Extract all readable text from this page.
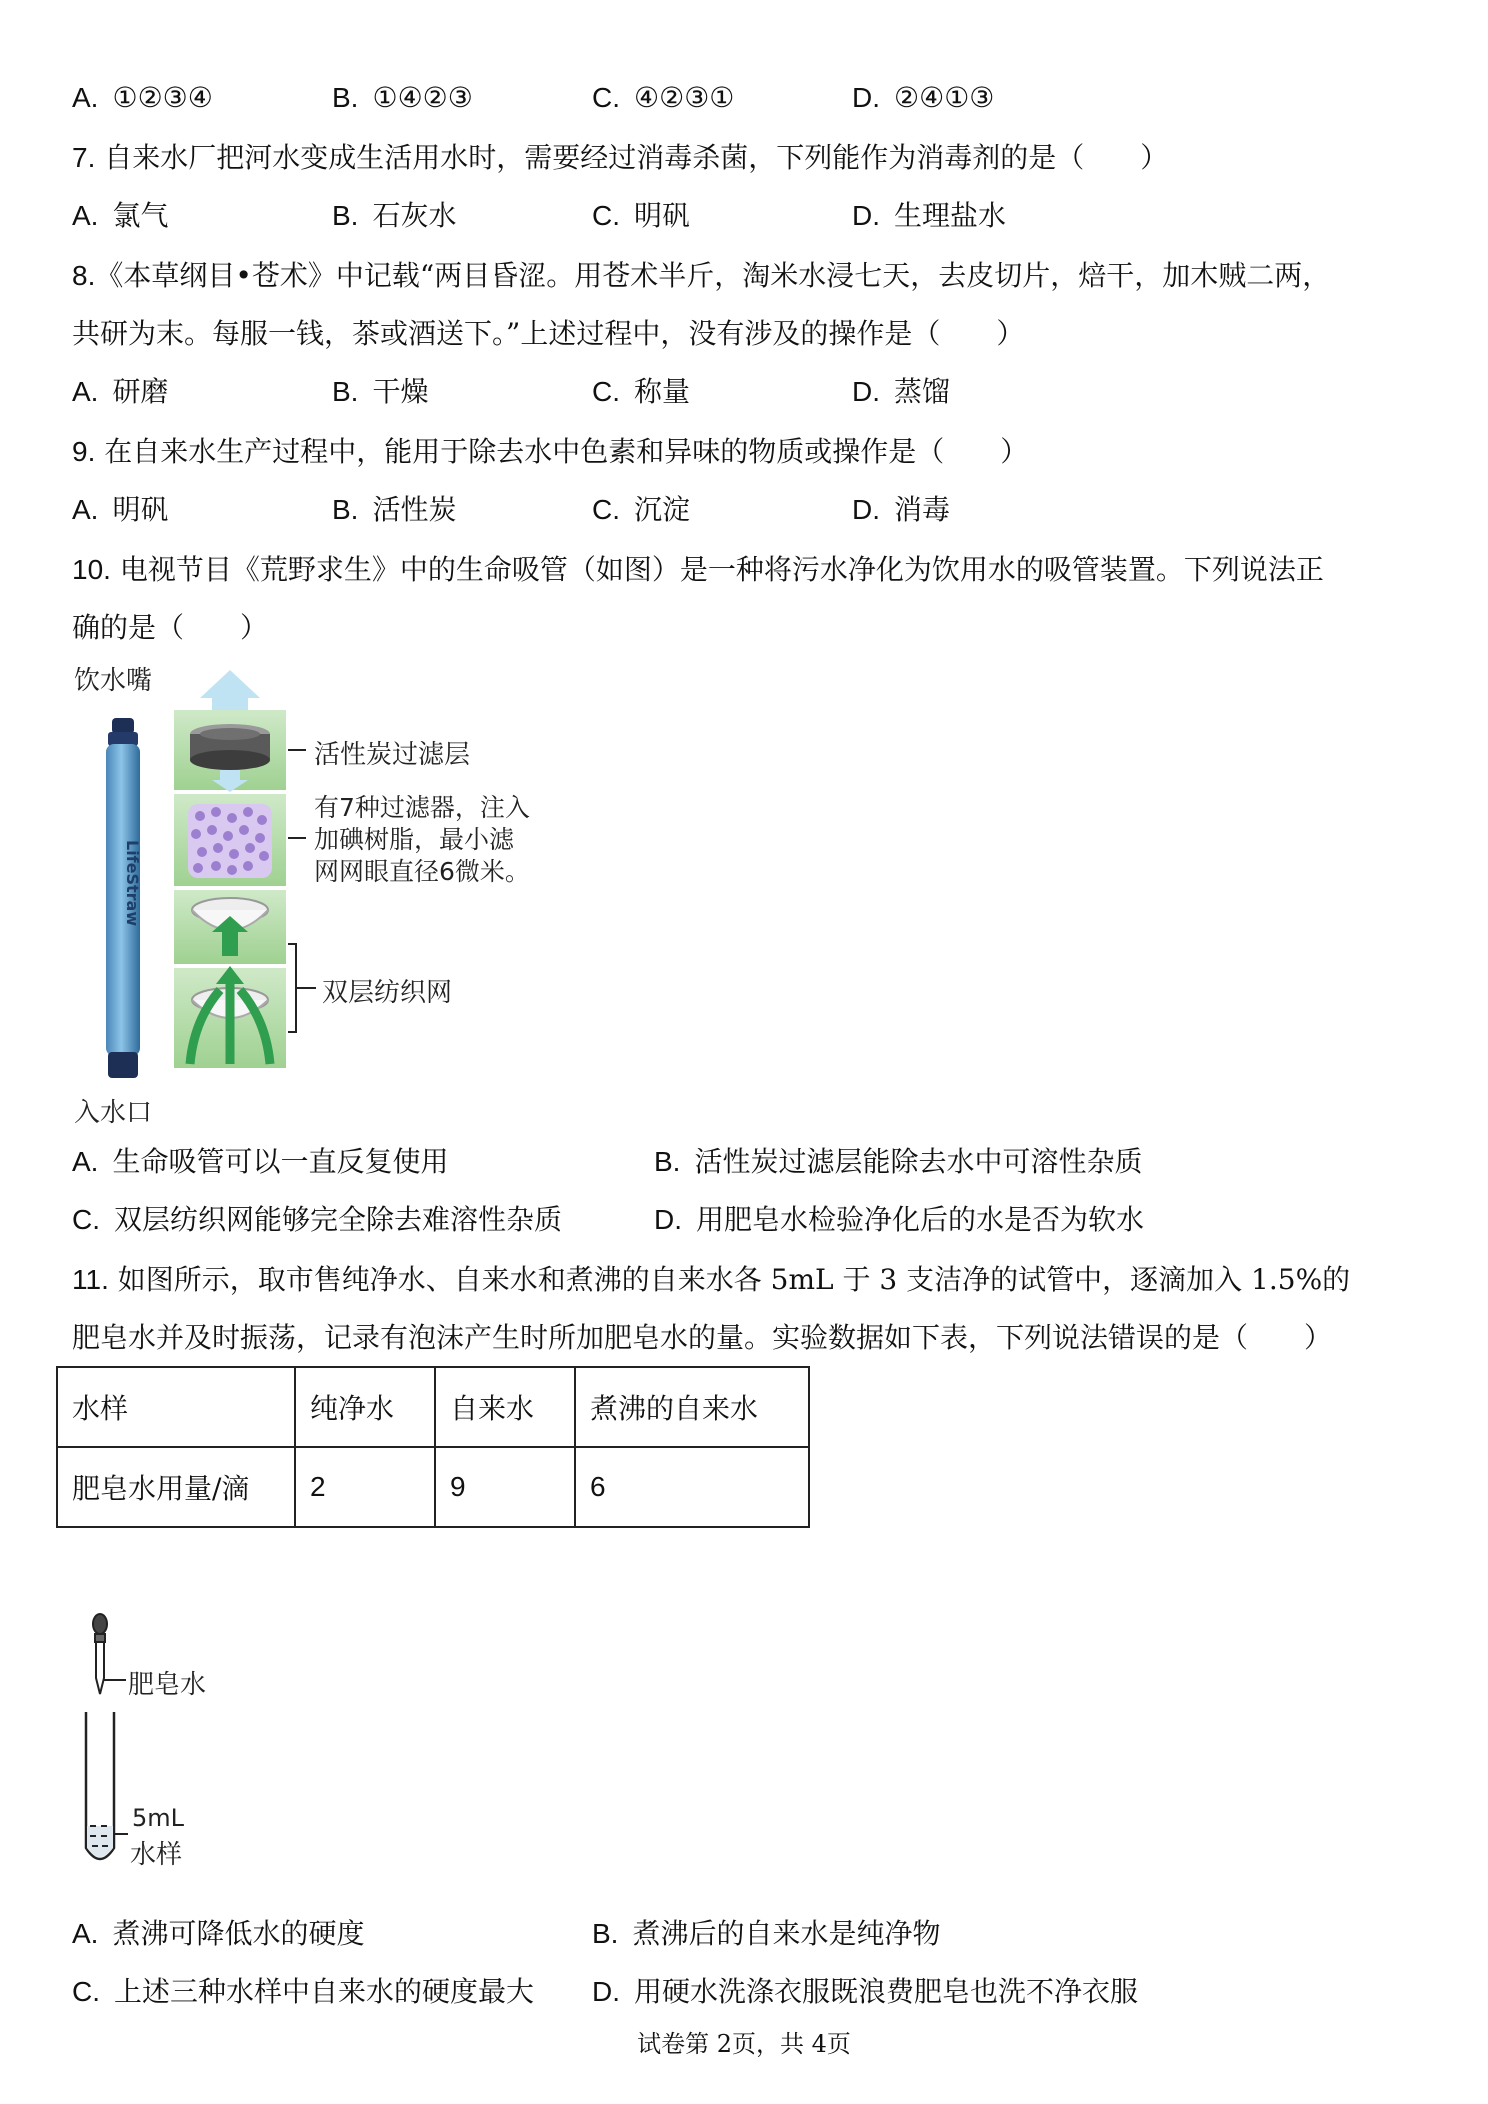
A. ①②③④	B. ①④②③	C. ④②③①	D. ②④①③
7. 自来水厂把河水变成生活用水时，需要经过消毒杀菌，下列能作为消毒剂的是（　　）
A. 氯气	B. 石灰水	C. 明矾	D. 生理盐水
8.《本草纲目•苍术》中记载“两目昏涩。用苍术半斤，淘米水浸七天，去皮切片，焙干，加木贼二两，
共研为末。每服一钱，茶或酒送下。”上述过程中，没有涉及的操作是（　　）
A. 研磨	B. 干燥	C. 称量	D. 蒸馏
9. 在自来水生产过程中，能用于除去水中色素和异味的物质或操作是（　　）
A. 明矾	B. 活性炭	C. 沉淀	D. 消毒
10. 电视节目《荒野求生》中的生命吸管（如图）是一种将污水净化为饮用水的吸管装置。下列说法正
确的是（　　）
LifeStraw
饮水嘴
入水口
活性炭过滤层
有7种过滤器，注入
加碘树脂，最小滤
网网眼直径6微米。
双层纺织网
A. 生命吸管可以一直反复使用	B. 活性炭过滤层能除去水中可溶性杂质
C. 双层纺织网能够完全除去难溶性杂质	D. 用肥皂水检验净化后的水是否为软水
11. 如图所示，取市售纯净水、自来水和煮沸的自来水各 5mL 于 3 支洁净的试管中，逐滴加入 1.5%的
肥皂水并及时振荡，记录有泡沫产生时所加肥皂水的量。实验数据如下表，下列说法错误的是（　　）
水样	纯净水	自来水	煮沸的自来水
肥皂水用量/滴	2	9	6
肥皂水
5mL
水样
A. 煮沸可降低水的硬度	B. 煮沸后的自来水是纯净物
C. 上述三种水样中自来水的硬度最大 D. 用硬水洗涤衣服既浪费肥皂也洗不净衣服
试卷第 2页，共 4页
